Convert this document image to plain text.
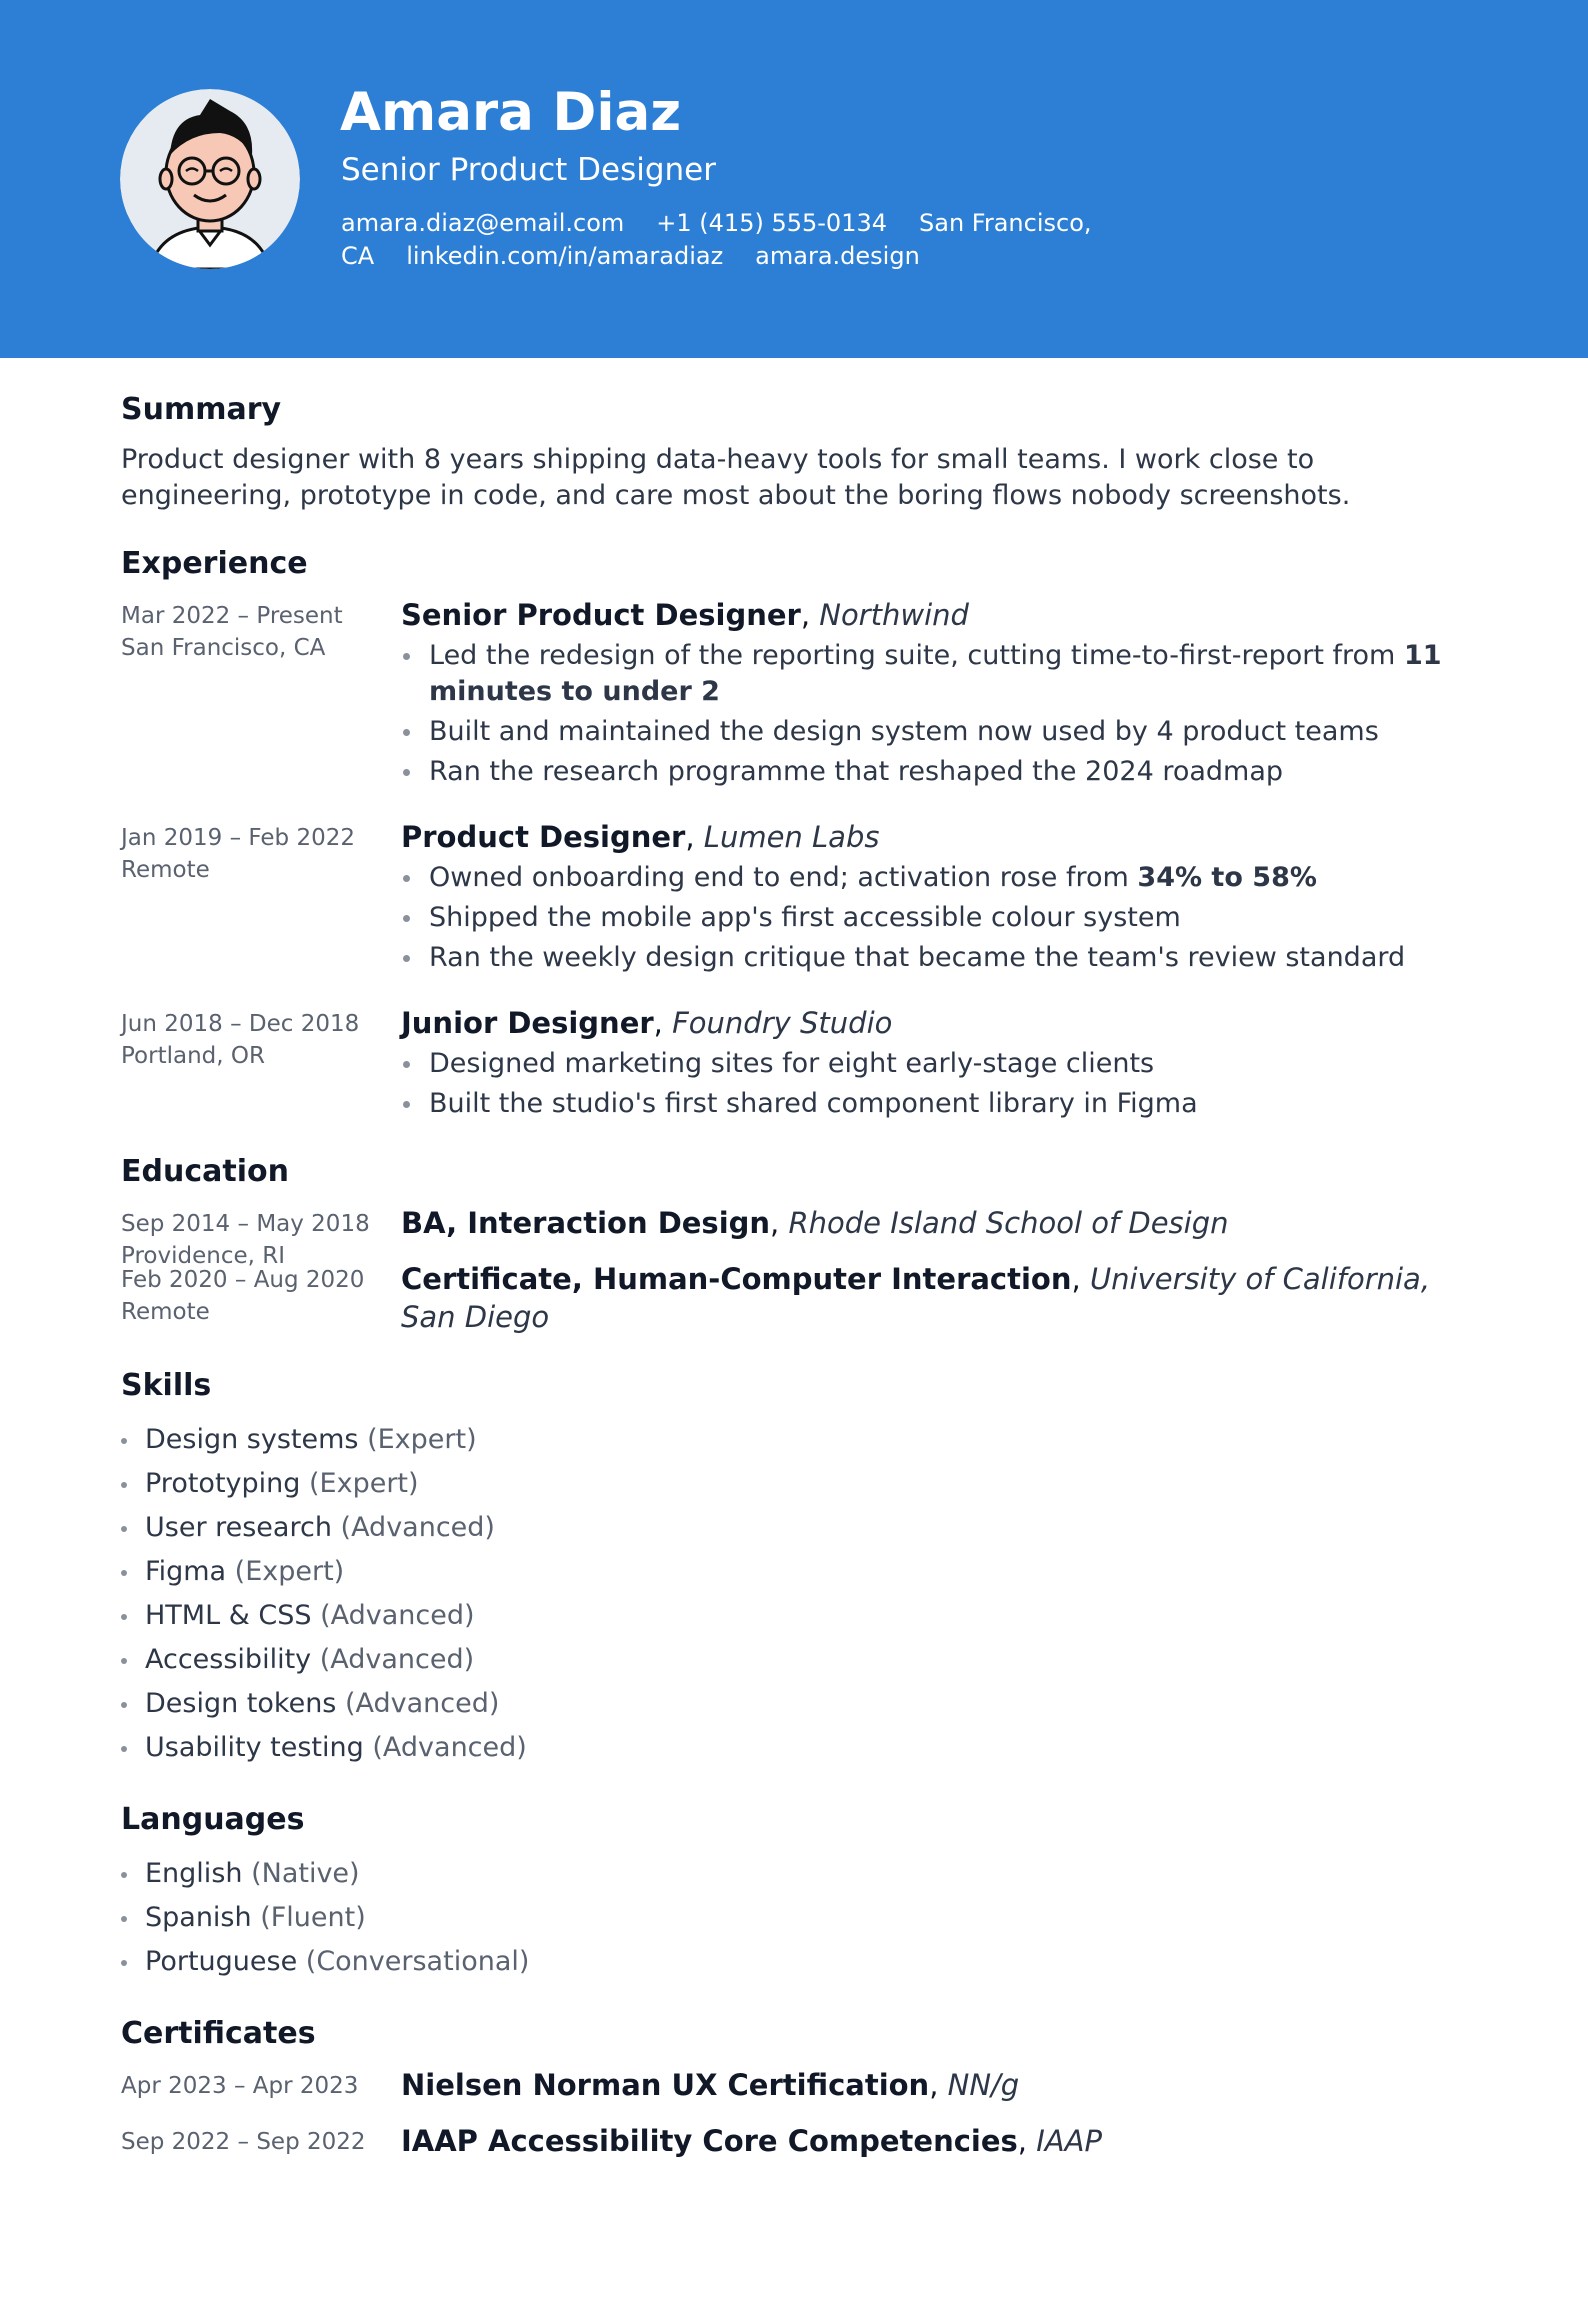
Amara Diaz
Senior Product Designer
amara.diaz@email.com +1 (415) 555-0134 San Francisco, CA linkedin.com/in/amaradiaz amara.design
Summary

Product designer with 8 years shipping data-heavy tools for small teams. I work close to engineering, prototype in code, and care most about the boring flows nobody screenshots.

Experience
Mar 2022 – Present
San Francisco, CA
Senior Product Designer, Northwind
Led the redesign of the reporting suite, cutting time-to-first-report from 11 minutes to under 2
Built and maintained the design system now used by 4 product teams
Ran the research programme that reshaped the 2024 roadmap
Jan 2019 – Feb 2022
Remote
Product Designer, Lumen Labs
Owned onboarding end to end; activation rose from 34% to 58%
Shipped the mobile app's first accessible colour system
Ran the weekly design critique that became the team's review standard
Jun 2018 – Dec 2018
Portland, OR
Junior Designer, Foundry Studio
Designed marketing sites for eight early-stage clients
Built the studio's first shared component library in Figma
Education
Sep 2014 – May 2018
Providence, RI
BA, Interaction Design, Rhode Island School of Design
Feb 2020 – Aug 2020
Remote
Certificate, Human-Computer Interaction, University of California, San Diego
Skills
Design systems (Expert)
Prototyping (Expert)
User research (Advanced)
Figma (Expert)
HTML & CSS (Advanced)
Accessibility (Advanced)
Design tokens (Advanced)
Usability testing (Advanced)
Languages
English (Native)
Spanish (Fluent)
Portuguese (Conversational)
Certificates
Apr 2023 – Apr 2023	Nielsen Norman UX Certification, NN/g
Sep 2022 – Sep 2022	IAAP Accessibility Core Competencies, IAAP
